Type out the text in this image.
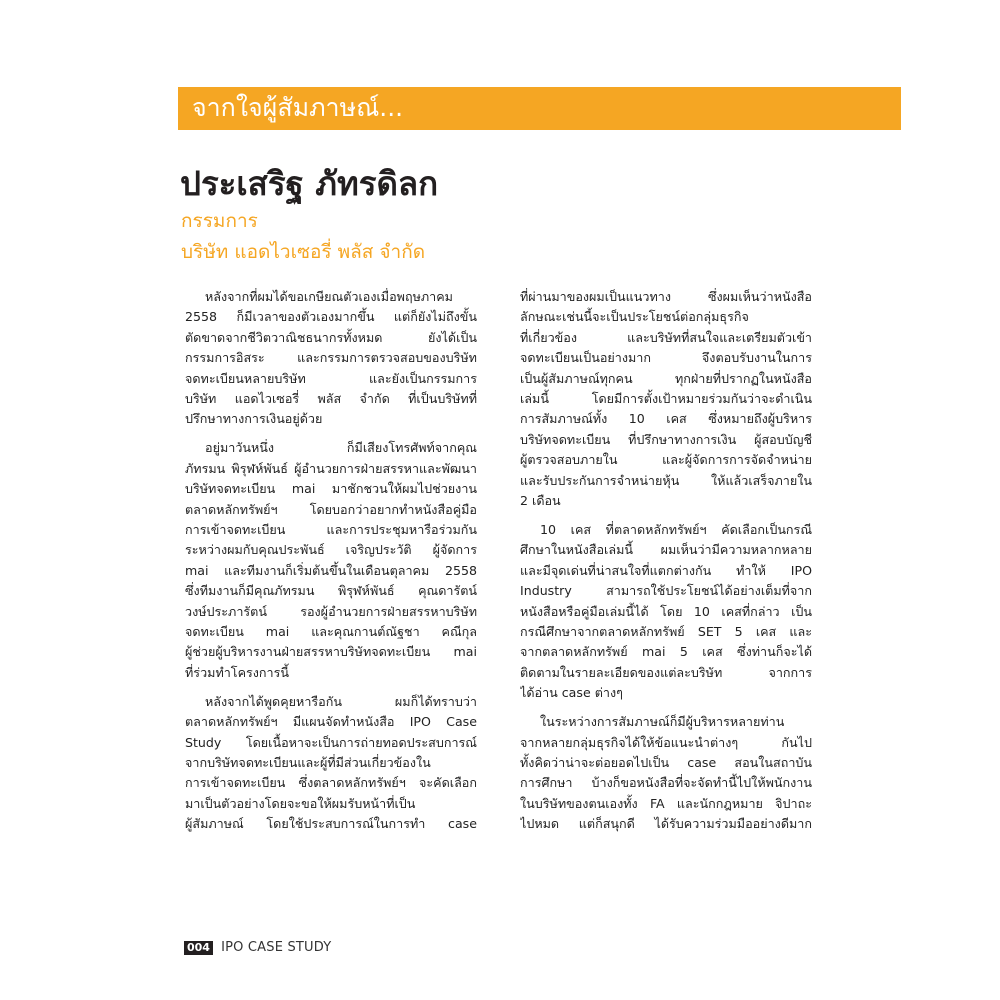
จากใจผู้สัมภาษณ์...
ประเสริฐ ภัทรดิลก
กรรมการ
บริษัท แอดไวเซอรี่ พลัส จำกัด
หลังจากที่ผมได้ขอเกษียณตัวเองเมื่อพฤษภาคม
2558 ก็มีเวลาของตัวเองมากขึ้น แต่ก็ยังไม่ถึงขั้น
ตัดขาดจากชีวิตวาณิชธนากรทั้งหมด ยังได้เป็น
กรรมการอิสระ และกรรมการตรวจสอบของบริษัท
จดทะเบียนหลายบริษัท และยังเป็นกรรมการ
บริษัท แอดไวเซอรี่ พลัส จำกัด ที่เป็นบริษัทที่
ปรึกษาทางการเงินอยู่ด้วย
อยู่มาวันหนึ่ง ก็มีเสียงโทรศัพท์จากคุณ
ภัทรมน พิรุฬห์พันธ์ ผู้อำนวยการฝ่ายสรรหาและพัฒนา
บริษัทจดทะเบียน mai มาชักชวนให้ผมไปช่วยงาน
ตลาดหลักทรัพย์ฯ โดยบอกว่าอยากทำหนังสือคู่มือ
การเข้าจดทะเบียน และการประชุมหารือร่วมกัน
ระหว่างผมกับคุณประพันธ์ เจริญประวัติ ผู้จัดการ
mai และทีมงานก็เริ่มต้นขึ้นในเดือนตุลาคม 2558
ซึ่งทีมงานก็มีคุณภัทรมน พิรุฬห์พันธ์ คุณดารัตน์
วงษ์ประภารัตน์ รองผู้อำนวยการฝ่ายสรรหาบริษัท
จดทะเบียน mai และคุณกานต์ณัฐชา คณีกุล
ผู้ช่วยผู้บริหารงานฝ่ายสรรหาบริษัทจดทะเบียน mai
ที่ร่วมทำโครงการนี้
หลังจากได้พูดคุยหารือกัน ผมก็ได้ทราบว่า
ตลาดหลักทรัพย์ฯ มีแผนจัดทำหนังสือ IPO Case
Study โดยเนื้อหาจะเป็นการถ่ายทอดประสบการณ์
จากบริษัทจดทะเบียนและผู้ที่มีส่วนเกี่ยวข้องใน
การเข้าจดทะเบียน ซึ่งตลาดหลักทรัพย์ฯ จะคัดเลือก
มาเป็นตัวอย่างโดยจะขอให้ผมรับหน้าที่เป็น
ผู้สัมภาษณ์ โดยใช้ประสบการณ์ในการทำ case
ที่ผ่านมาของผมเป็นแนวทาง ซึ่งผมเห็นว่าหนังสือ
ลักษณะเช่นนี้จะเป็นประโยชน์ต่อกลุ่มธุรกิจ
ที่เกี่ยวข้อง และบริษัทที่สนใจและเตรียมตัวเข้า
จดทะเบียนเป็นอย่างมาก จึงตอบรับงานในการ
เป็นผู้สัมภาษณ์ทุกคน ทุกฝ่ายที่ปรากฏในหนังสือ
เล่มนี้ โดยมีการตั้งเป้าหมายร่วมกันว่าจะดำเนิน
การสัมภาษณ์ทั้ง 10 เคส ซึ่งหมายถึงผู้บริหาร
บริษัทจดทะเบียน ที่ปรึกษาทางการเงิน ผู้สอบบัญชี
ผู้ตรวจสอบภายใน และผู้จัดการการจัดจำหน่าย
และรับประกันการจำหน่ายหุ้น ให้แล้วเสร็จภายใน
2 เดือน
10 เคส ที่ตลาดหลักทรัพย์ฯ คัดเลือกเป็นกรณี
ศึกษาในหนังสือเล่มนี้ ผมเห็นว่ามีความหลากหลาย
และมีจุดเด่นที่น่าสนใจที่แตกต่างกัน ทำให้ IPO
Industry สามารถใช้ประโยชน์ได้อย่างเต็มที่จาก
หนังสือหรือคู่มือเล่มนี้ได้ โดย 10 เคสที่กล่าว เป็น
กรณีศึกษาจากตลาดหลักทรัพย์ SET 5 เคส และ
จากตลาดหลักทรัพย์ mai 5 เคส ซึ่งท่านก็จะได้
ติดตามในรายละเอียดของแต่ละบริษัท จากการ
ได้อ่าน case ต่างๆ
ในระหว่างการสัมภาษณ์ก็มีผู้บริหารหลายท่าน
จากหลายกลุ่มธุรกิจได้ให้ข้อแนะนำต่างๆ กันไป
ทั้งคิดว่าน่าจะต่อยอดไปเป็น case สอนในสถาบัน
การศึกษา บ้างก็ขอหนังสือที่จะจัดทำนี้ไปให้พนักงาน
ในบริษัทของตนเองทั้ง FA และนักกฎหมาย จิปาถะ
ไปหมด แต่ก็สนุกดี ได้รับความร่วมมืออย่างดีมาก
004 IPO CASE STUDY
